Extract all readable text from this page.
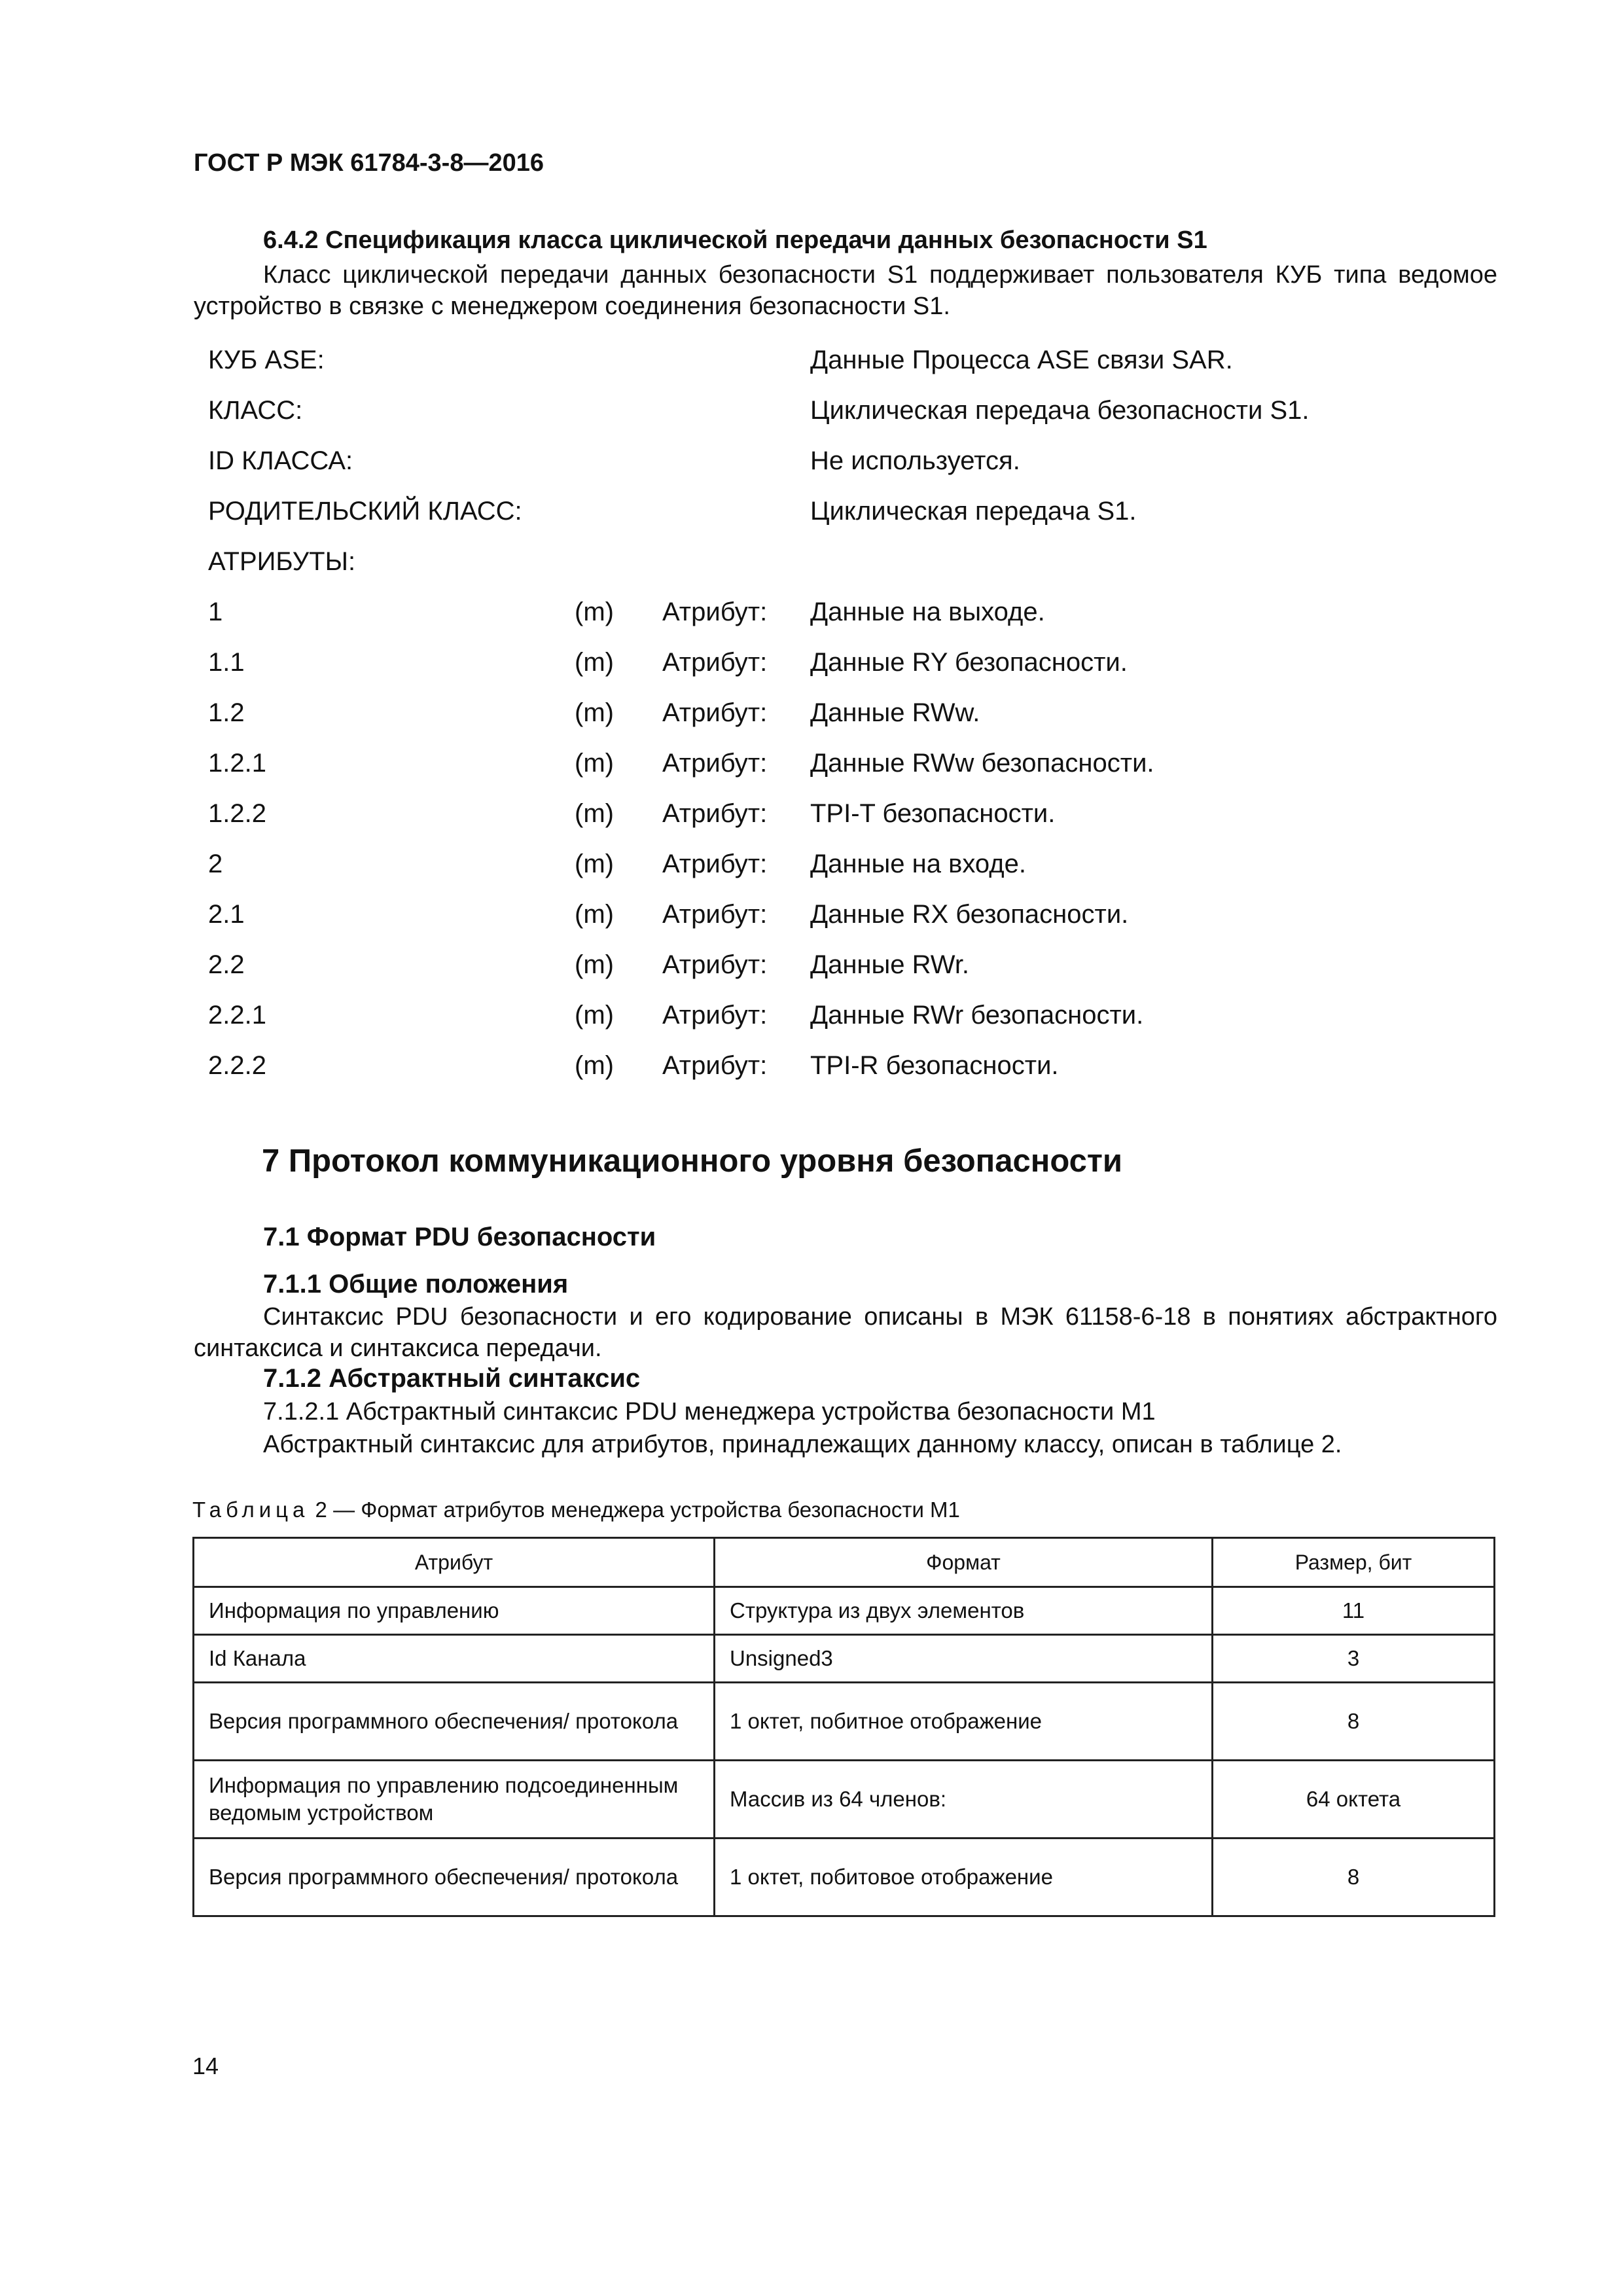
ГОСТ Р МЭК 61784-3-8—2016
6.4.2 Спецификация класса циклической передачи данных безопасности S1
Класс циклической передачи данных безопасности S1 поддерживает пользователя КУБ типа ведомое устройство в связке с менеджером соединения безопасности S1.
КУБ ASE:	Данные Процесса ASE связи SAR.
КЛАСС:	Циклическая передача безопасности S1.
ID КЛАССА:	Не используется.
РОДИТЕЛЬСКИЙ КЛАСС:	Циклическая передача S1.
АТРИБУТЫ:
1	(m) Атрибут: Данные на выходе.
1.1	(m) Атрибут: Данные RY безопасности.
1.2	(m) Атрибут: Данные RWw.
1.2.1	(m) Атрибут: Данные RWw безопасности.
1.2.2	(m) Атрибут: TPI-T безопасности.
2	(m) Атрибут: Данные на входе.
2.1	(m) Атрибут: Данные RX безопасности.
2.2	(m) Атрибут: Данные RWr.
2.2.1	(m) Атрибут: Данные RWr безопасности.
2.2.2	(m) Атрибут: TPI-R безопасности.
7 Протокол коммуникационного уровня безопасности
7.1 Формат PDU безопасности
7.1.1 Общие положения
Синтаксис PDU безопасности и его кодирование описаны в МЭК 61158-6-18 в понятиях абстрактного синтаксиса и синтаксиса передачи.
7.1.2 Абстрактный синтаксис
7.1.2.1 Абстрактный синтаксис PDU менеджера устройства безопасности М1
Абстрактный синтаксис для атрибутов, принадлежащих данному классу, описан в таблице 2.
Таблица 2 — Формат атрибутов менеджера устройства безопасности М1
Атрибут	Формат	Размер, бит
Информация по управлению	Структура из двух элементов	11
Id Канала	Unsigned3	3
Версия программного обеспечения/ протокола	1 октет, побитное отображение	8
Информация по управлению подсоединенным ведомым устройством	Массив из 64 членов:	64 октета
Версия программного обеспечения/ протокола	1 октет, побитовое отображение	8
14
